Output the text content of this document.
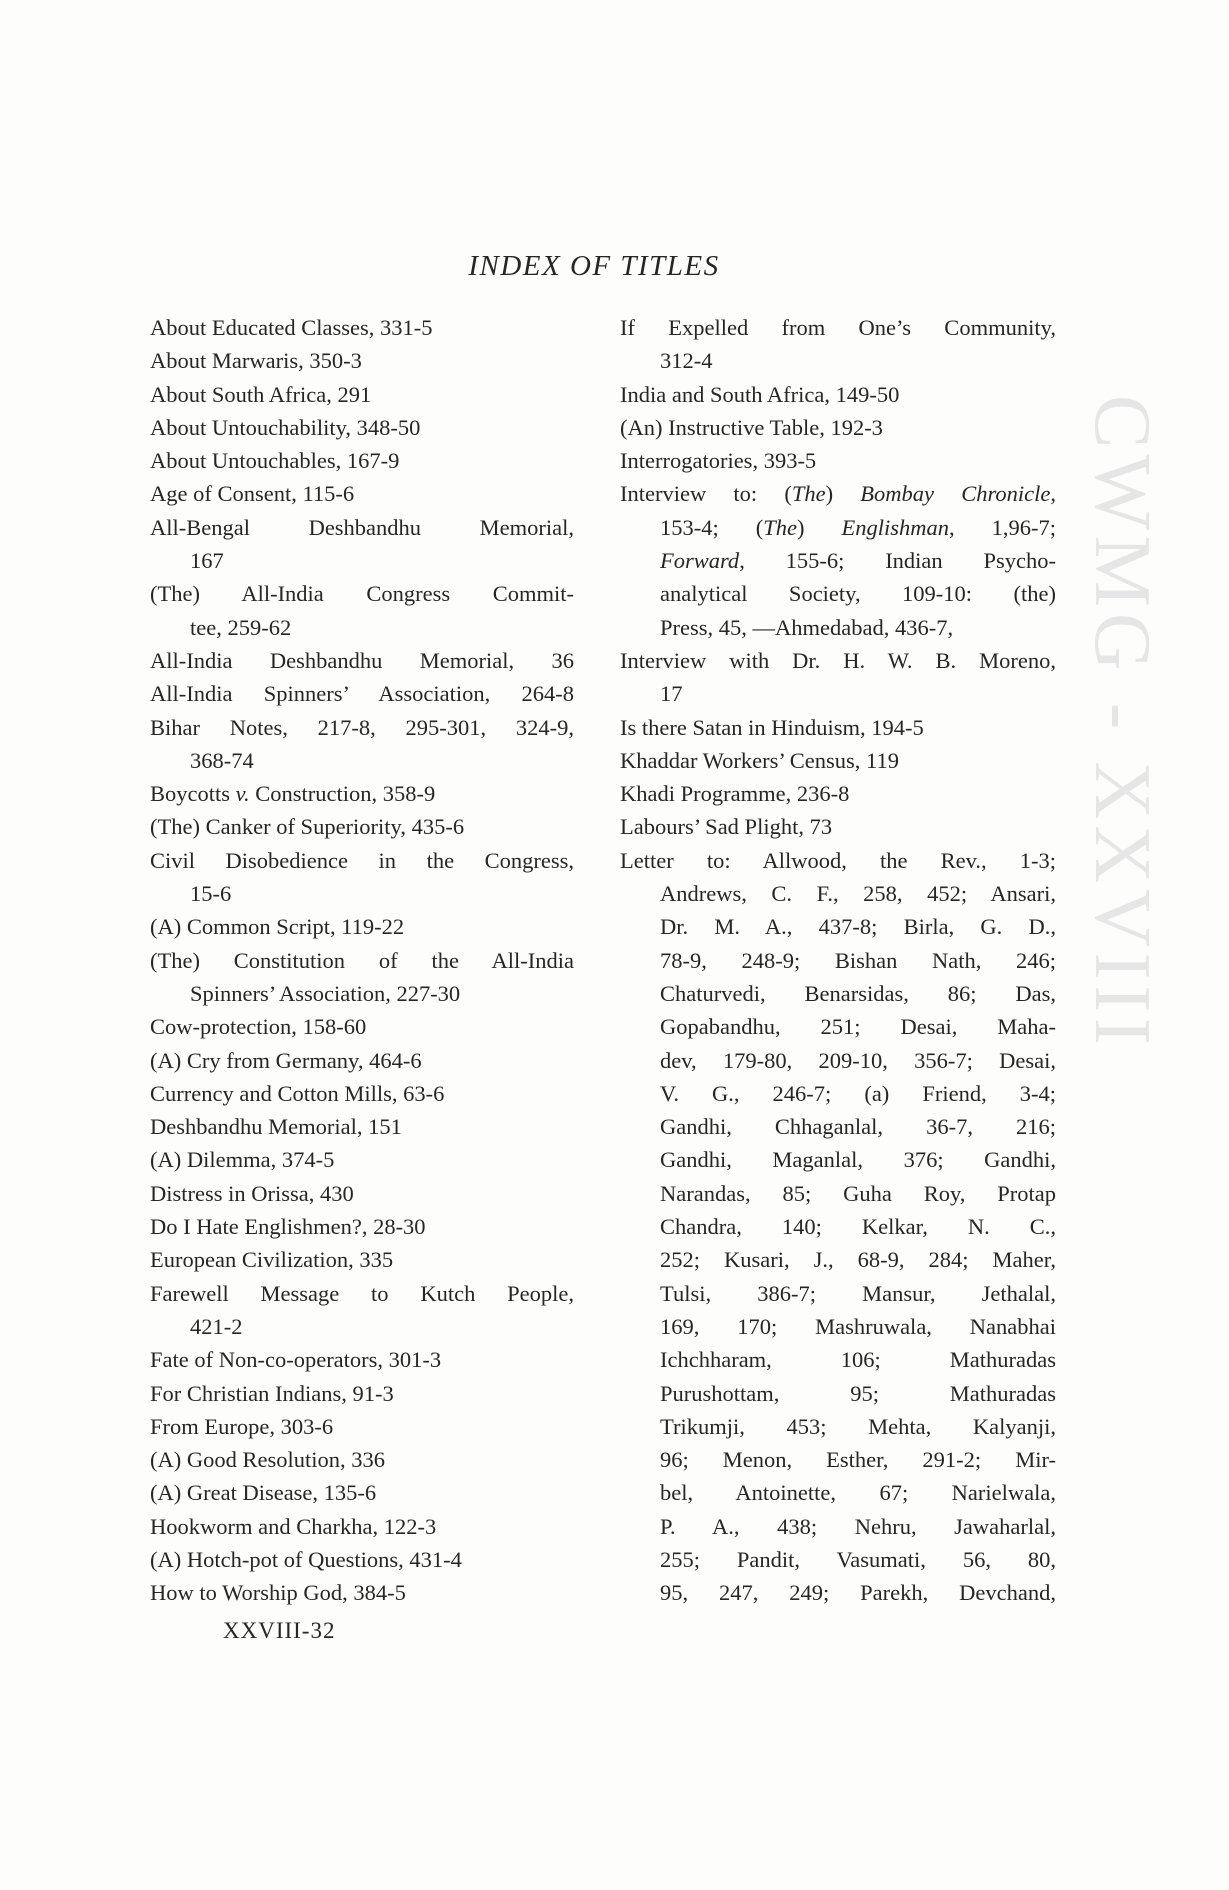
INDEX OF TITLES
About Educated Classes, 331-5
About Marwaris, 350-3
About South Africa, 291
About Untouchability, 348-50
About Untouchables, 167-9
Age of Consent, 115-6
All-Bengal Deshbandhu Memorial,
167
(The) All-India Congress Commit-
tee, 259-62
All-India Deshbandhu Memorial, 36
All-India Spinners’ Association, 264-8
Bihar Notes, 217-8, 295-301, 324-9,
368-74
Boycotts v. Construction, 358-9
(The) Canker of Superiority, 435-6
Civil Disobedience in the Congress,
15-6
(A) Common Script, 119-22
(The) Constitution of the All-India
Spinners’ Association, 227-30
Cow-protection, 158-60
(A) Cry from Germany, 464-6
Currency and Cotton Mills, 63-6
Deshbandhu Memorial, 151
(A) Dilemma, 374-5
Distress in Orissa, 430
Do I Hate Englishmen?, 28-30
European Civilization, 335
Farewell Message to Kutch People,
421-2
Fate of Non-co-operators, 301-3
For Christian Indians, 91-3
From Europe, 303-6
(A) Good Resolution, 336
(A) Great Disease, 135-6
Hookworm and Charkha, 122-3
(A) Hotch-pot of Questions, 431-4
How to Worship God, 384-5
If Expelled from One’s Community,
312-4
India and South Africa, 149-50
(An) Instructive Table, 192-3
Interrogatories, 393-5
Interview to: (The) Bombay Chronicle,
153-4; (The) Englishman, 1,96-7;
Forward, 155-6; Indian Psycho-
analytical Society, 109-10: (the)
Press, 45, —Ahmedabad, 436-7,
Interview with Dr. H. W. B. Moreno,
17
Is there Satan in Hinduism, 194-5
Khaddar Workers’ Census, 119
Khadi Programme, 236-8
Labours’ Sad Plight, 73
Letter to: Allwood, the Rev., 1-3;
Andrews, C. F., 258, 452; Ansari,
Dr. M. A., 437-8; Birla, G. D.,
78-9, 248-9; Bishan Nath, 246;
Chaturvedi, Benarsidas, 86; Das,
Gopabandhu, 251; Desai, Maha-
dev, 179-80, 209-10, 356-7; Desai,
V. G., 246-7; (a) Friend, 3-4;
Gandhi, Chhaganlal, 36-7, 216;
Gandhi, Maganlal, 376; Gandhi,
Narandas, 85; Guha Roy, Protap
Chandra, 140; Kelkar, N. C.,
252; Kusari, J., 68-9, 284; Maher,
Tulsi, 386-7; Mansur, Jethalal,
169, 170; Mashruwala, Nanabhai
Ichchharam, 106; Mathuradas
Purushottam, 95; Mathuradas
Trikumji, 453; Mehta, Kalyanji,
96; Menon, Esther, 291-2; Mir-
bel, Antoinette, 67; Narielwala,
P. A., 438; Nehru, Jawaharlal,
255; Pandit, Vasumati, 56, 80,
95, 247, 249; Parekh, Devchand,
XXVIII-32
CWMG - XXVIII
